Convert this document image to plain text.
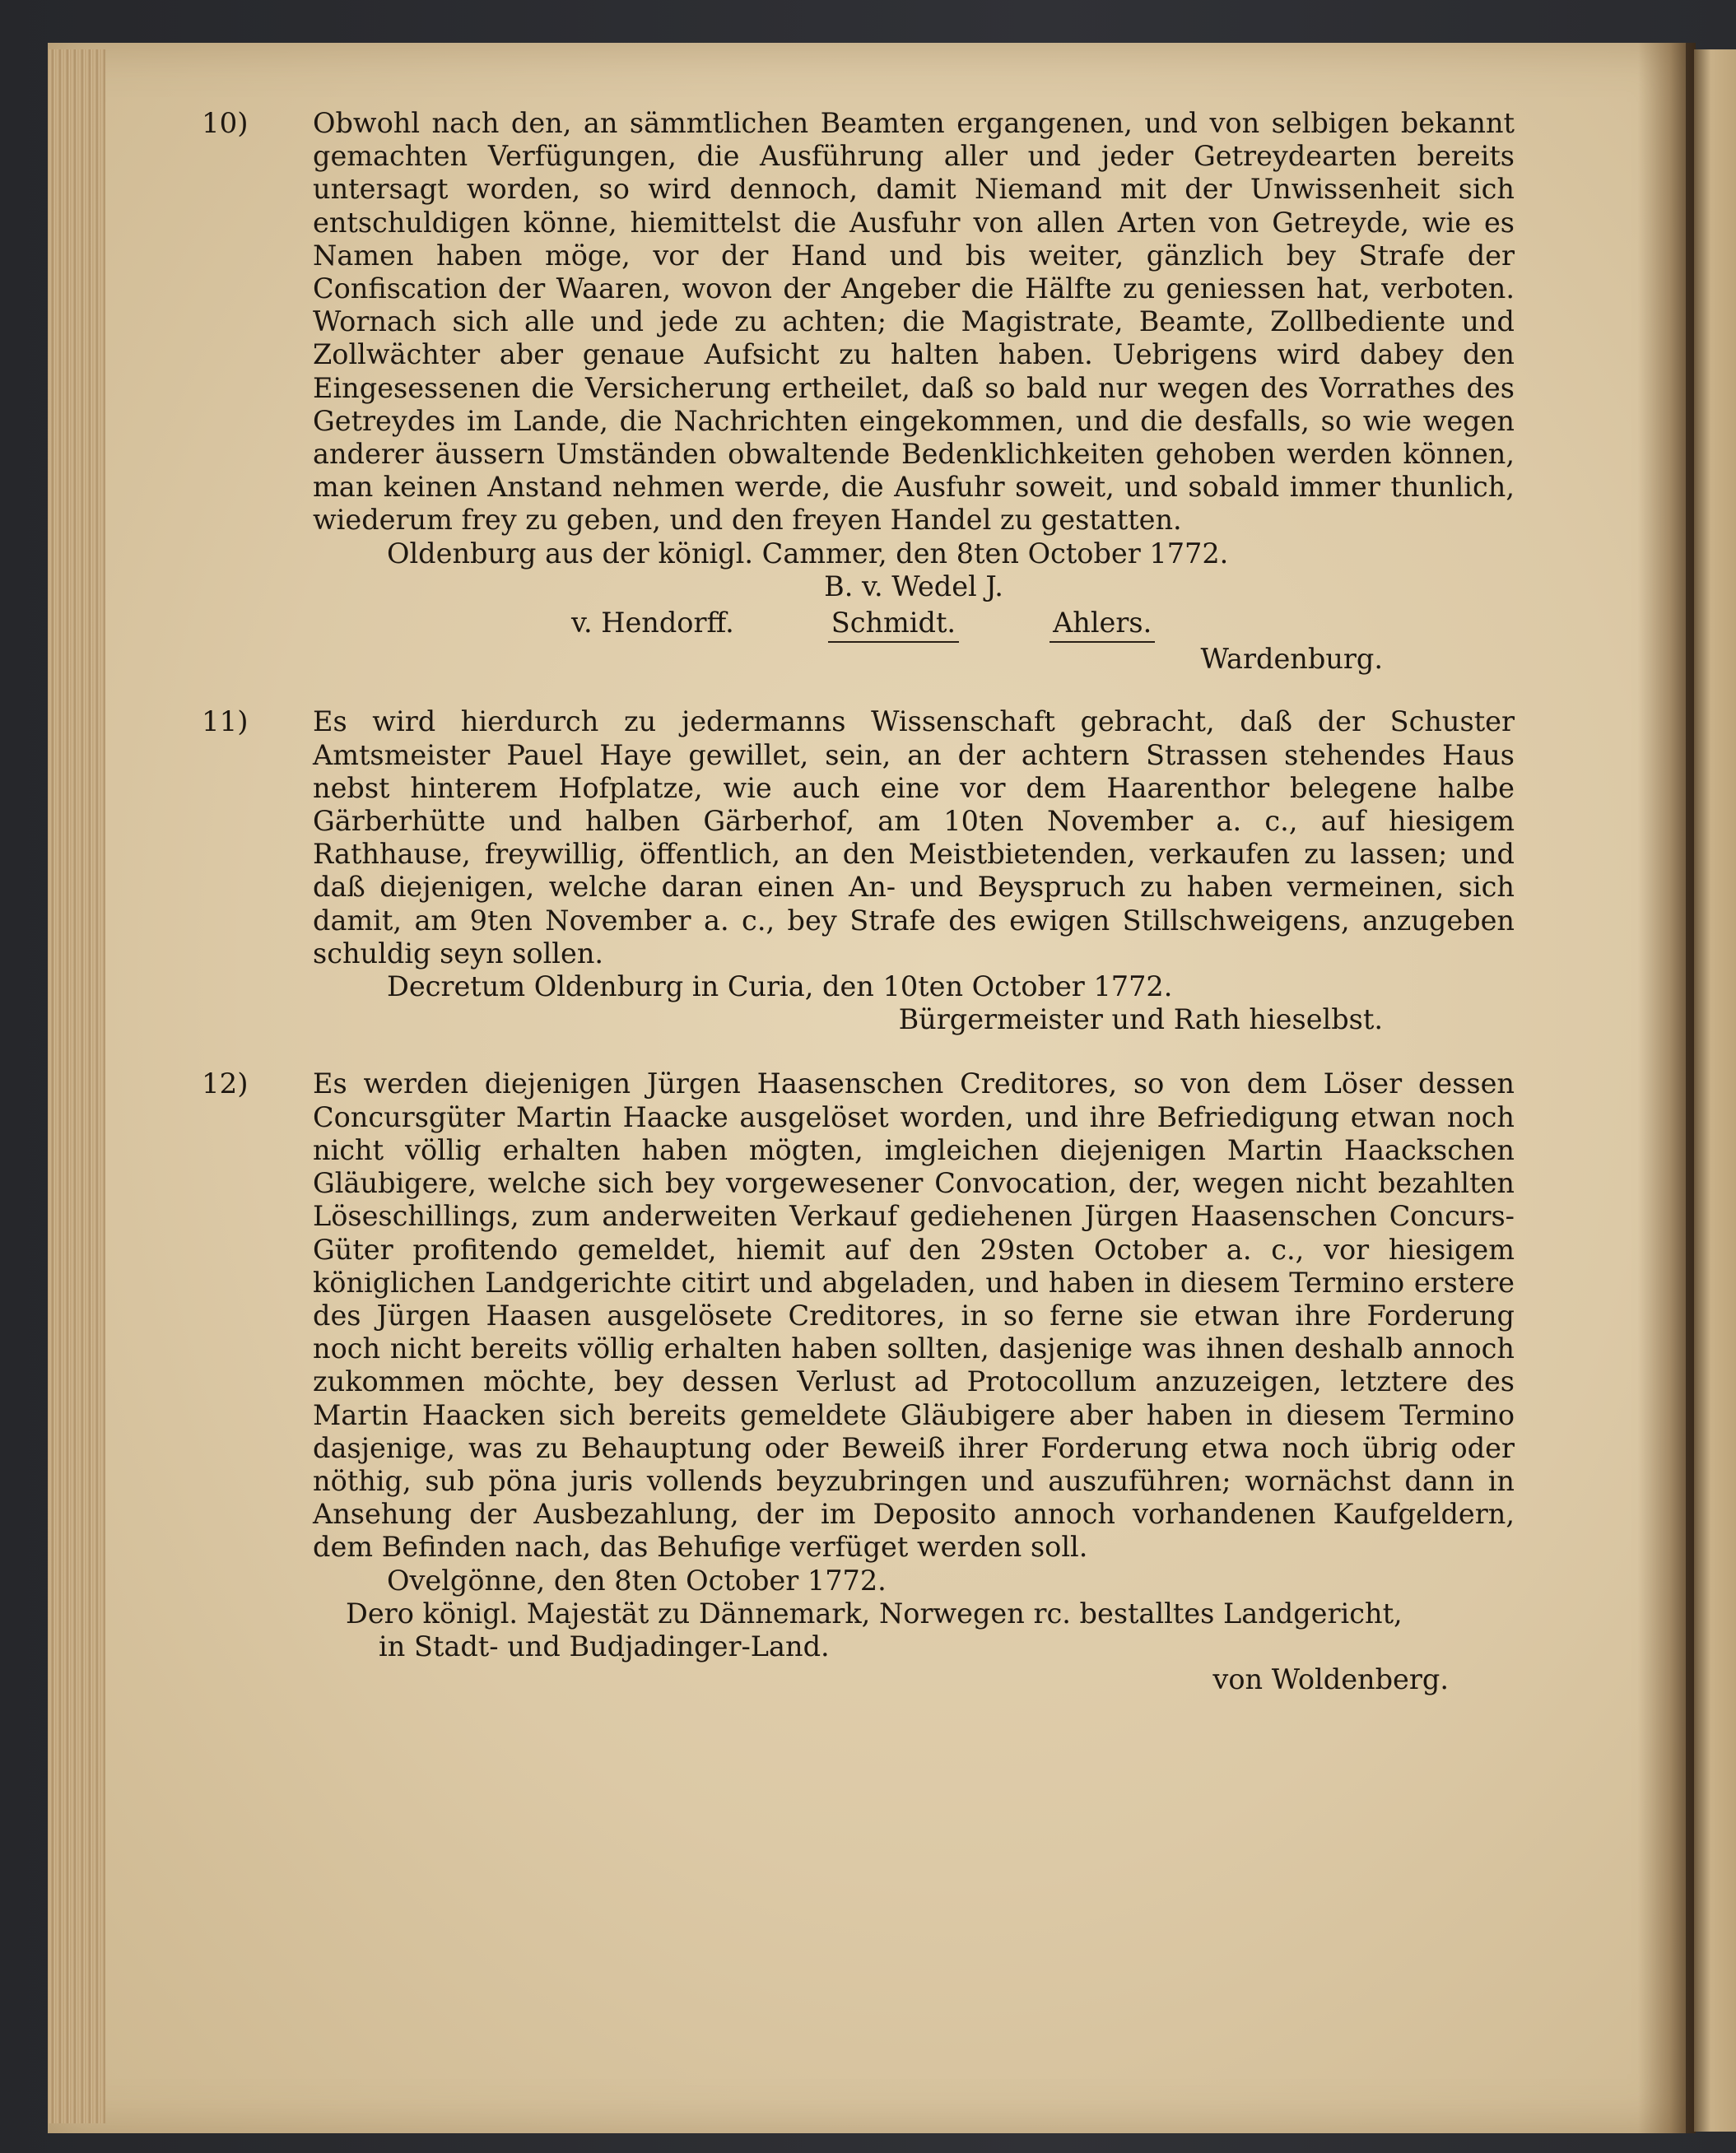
10)	Obwohl nach den, an sämmtlichen Beamten ergangenen, und von selbigen bekannt gemachten Verfügungen, die Ausführung aller und jeder Getreydearten bereits untersagt worden, so wird dennoch, damit Niemand mit der Unwissenheit sich entschuldigen könne, hiemittelst die Ausfuhr von allen Arten von Getreyde, wie es Namen haben möge, vor der Hand und bis weiter, gänzlich bey Strafe der Confiscation der Waaren, wovon der Angeber die Hälfte zu geniessen hat, verboten. Wornach sich alle und jede zu achten; die Magistrate, Beamte, Zollbediente und Zollwächter aber genaue Aufsicht zu halten haben. Uebrigens wird dabey den Eingesessenen die Versicherung ertheilet, daß so bald nur wegen des Vorrathes des Getreydes im Lande, die Nachrichten eingekommen, und die desfalls, so wie wegen anderer äussern Umständen obwaltende Bedenklichkeiten gehoben werden können, man keinen Anstand nehmen werde, die Ausfuhr soweit, und sobald immer thunlich, wiederum frey zu geben, und den freyen Handel zu gestatten.

Oldenburg aus der königl. Cammer, den 8ten October 1772.

B. v. Wedel J.

v. Hendorff.	Schmidt.	Ahlers.

Wardenburg.

11)	Es wird hierdurch zu jedermanns Wissenschaft gebracht, daß der Schuster Amtsmeister Pauel Haye gewillet, sein, an der achtern Strassen stehendes Haus nebst hinterem Hofplatze, wie auch eine vor dem Haarenthor belegene halbe Gärberhütte und halben Gärberhof, am 10ten November a. c., auf hiesigem Rathhause, freywillig, öffentlich, an den Meistbietenden, verkaufen zu lassen; und daß diejenigen, welche daran einen An- und Beyspruch zu haben vermeinen, sich damit, am 9ten November a. c., bey Strafe des ewigen Stillschweigens, anzugeben schuldig seyn sollen.

Decretum Oldenburg in Curia, den 10ten October 1772.

Bürgermeister und Rath hieselbst.

12)	Es werden diejenigen Jürgen Haasenschen Creditores, so von dem Löser dessen Concursgüter Martin Haacke ausgelöset worden, und ihre Befriedigung etwan noch nicht völlig erhalten haben mögten, imgleichen diejenigen Martin Haackschen Gläubigere, welche sich bey vorgewesener Convocation, der, wegen nicht bezahlten Löseschillings, zum anderweiten Verkauf gediehenen Jürgen Haasenschen Concurs-Güter profitendo gemeldet, hiemit auf den 29sten October a. c., vor hiesigem königlichen Landgerichte citirt und abgeladen, und haben in diesem Termino erstere des Jürgen Haasen ausgelösete Creditores, in so ferne sie etwan ihre Forderung noch nicht bereits völlig erhalten haben sollten, dasjenige was ihnen deshalb annoch zukommen möchte, bey dessen Verlust ad Protocollum anzuzeigen, letztere des Martin Haacken sich bereits gemeldete Gläubigere aber haben in diesem Termino dasjenige, was zu Behauptung oder Beweiß ihrer Forderung etwa noch übrig oder nöthig, sub pöna juris vollends beyzubringen und auszuführen; wornächst dann in Ansehung der Ausbezahlung, der im Deposito annoch vorhandenen Kaufgeldern, dem Befinden nach, das Behufige verfüget werden soll.

Ovelgönne, den 8ten October 1772.

Dero königl. Majestät zu Dännemark, Norwegen rc. bestalltes Landgericht,

in Stadt- und Budjadinger-Land.

von Woldenberg.
